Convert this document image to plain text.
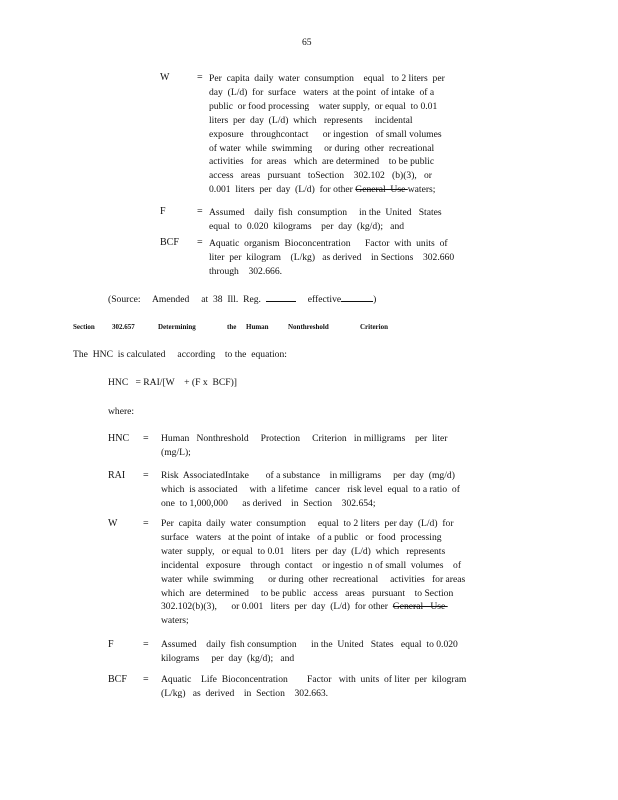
65
W	= Per  capita  daily  water  consumption    equal   to 2 liters  per
day  (L/d)  for  surface   waters  at the point  of intake  of a
public  or food processing    water supply,  or equal  to 0.01
liters  per  day  (L/d)  which   represents     incidental
exposure   throughcontact      or ingestion   of small volumes
of water  while  swimming     or during  other  recreational
activities   for  areas   which  are determined    to be public
access   areas   pursuant   toSection    302.102   (b)(3),   or
0.001  liters  per  day  (L/d)  for other General  Use waters;
F	= Assumed    daily  fish  consumption     in the  United   States
equal  to  0.020  kilograms    per  day  (kg/d);   and
BCF = Aquatic  organism  Bioconcentration      Factor  with  units  of
liter  per  kilogram    (L/kg)   as derived    in Sections    302.660
through    302.666.
(Source:     Amended     at  38  Ill.  Reg.	effective	)
Section 302.657	Determining	the Human	Nonthreshold	Criterion
The  HNC  is calculated     according    to the  equation:
HNC   = RAI/[W    + (F x  BCF)]
where:
HNC = Human   Nonthreshold     Protection     Criterion   in milligrams    per  liter
(mg/L);
RAI = Risk  AssociatedIntake       of a substance    in milligrams     per  day  (mg/d)
which  is associated     with  a lifetime   cancer   risk level  equal  to a ratio  of
one  to 1,000,000      as derived    in  Section    302.654;
W	= Per  capita  daily  water  consumption     equal  to 2 liters  per day  (L/d)  for
surface   waters   at the point  of intake   of a public   or  food  processing
water  supply,   or equal  to 0.01   liters  per  day  (L/d)  which   represents
incidental   exposure    through  contact    or ingestio  n of small  volumes    of
water  while  swimming      or during  other  recreational     activities   for areas
which  are  determined     to be public   access   areas   pursuant    to Section
302.102(b)(3),      or 0.001   liters  per  day  (L/d)  for other  General   Use
waters;
F	= Assumed    daily  fish consumption      in the  United   States   equal  to 0.020
kilograms     per  day  (kg/d);   and
BCF = Aquatic    Life  Bioconcentration        Factor   with  units  of liter  per  kilogram
(L/kg)   as  derived    in  Section    302.663.
